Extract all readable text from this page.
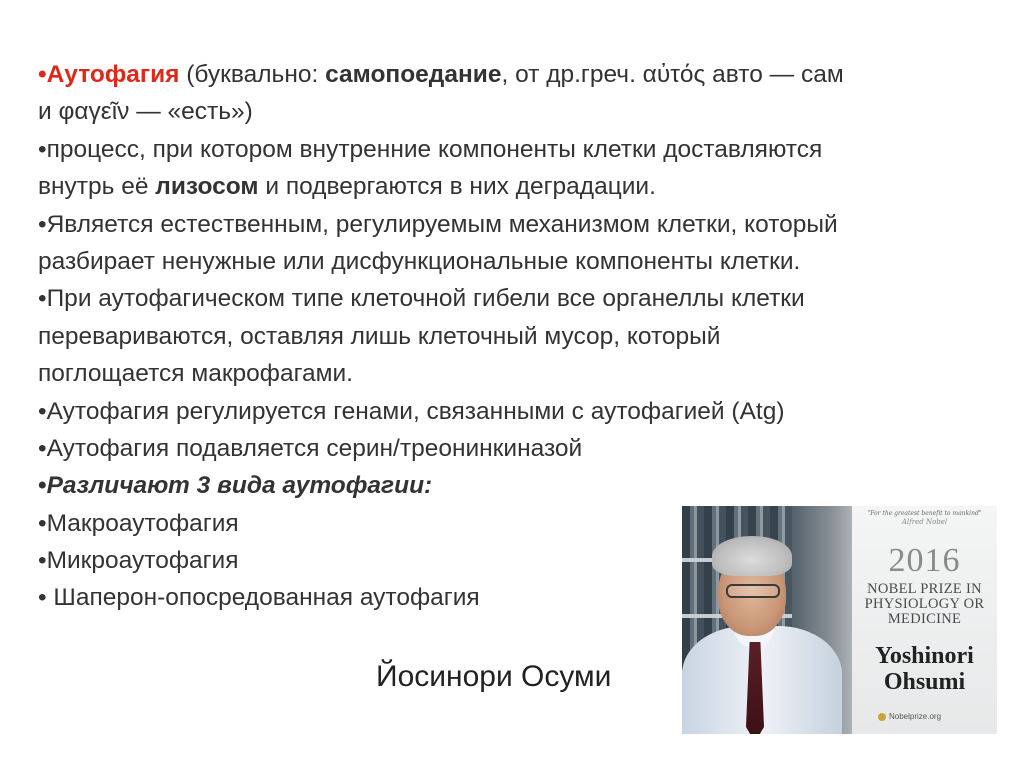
•Аутофагия (буквально: самопоедание, от др.греч. αὐτός авто — сам
и φαγεῖν — «есть»)
•процесс, при котором внутренние компоненты клетки доставляются
внутрь её лизосом и подвергаются в них деградации.
•Является естественным, регулируемым механизмом клетки, который
разбирает ненужные или дисфункциональные компоненты клетки.
•При аутофагическом типе клеточной гибели все органеллы клетки
перевариваются, оставляя лишь клеточный мусор, который
поглощается макрофагами.
•Аутофагия регулируется генами, связанными с аутофагией (Atg)
•Аутофагия подавляется серин/треонинкиназой
•Различают 3 вида аутофагии:
•Макроаутофагия
•Микроаутофагия
• Шаперон-опосредованная аутофагия
Йосинори Осуми
"For the greatest benefit to mankind"
Alfred Nobel
2016
NOBEL PRIZE IN
PHYSIOLOGY OR
MEDICINE
Yoshinori
Ohsumi
Nobelprize.org
